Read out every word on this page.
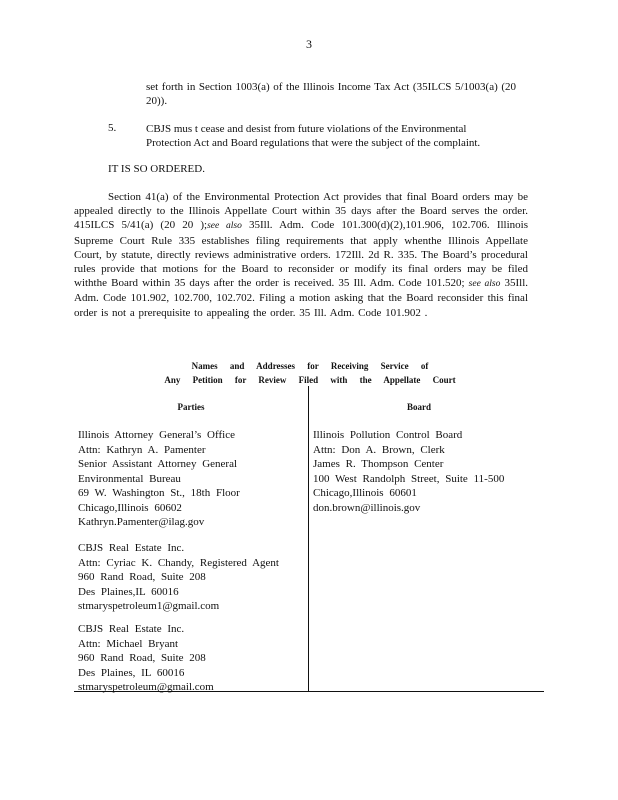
3
set forth in Section 1003(a) of the Illinois Income Tax Act (35ILCS 5/1003(a) (20 20)).
5.	CBJS mus t cease and desist from future violations of the Environmental Protection Act and Board regulations that were the subject of the complaint.
IT IS SO ORDERED.
Section 41(a) of the Environmental Protection Act provides that final Board orders may be appealed directly to the Illinois Appellate Court within 35 days after the Board serves the order. 415ILCS 5/41(a) (20 20 );see also 35Ill. Adm. Code 101.300(d)(2),101.906, 102.706. Illinois Supreme Court Rule 335 establishes filing requirements that apply whenthe Illinois Appellate Court, by statute, directly reviews administrative orders. 172Ill. 2d R. 335. The Board’s procedural rules provide that motions for the Board to reconsider or modify its final orders may be filed withthe Board within 35 days after the order is received. 35 Ill. Adm. Code 101.520; see also 35Ill. Adm. Code 101.902, 102.700, 102.702. Filing a motion asking that the Board reconsider this final order is not a prerequisite to appealing the order. 35 Ill. Adm. Code 101.902 .
Names and Addresses for Receiving Service of
Any Petition for Review Filed with the Appellate Court
Parties	Board
Illinois Attorney General’s Office
Attn: Kathryn A. Pamenter
Senior Assistant Attorney General
Environmental Bureau
69 W. Washington St., 18th Floor
Chicago,Illinois 60602
Kathryn.Pamenter@ilag.gov
CBJS Real Estate Inc.
Attn: Cyriac K. Chandy, Registered Agent
960 Rand Road, Suite 208
Des Plaines,IL 60016
stmaryspetroleum1@gmail.com
CBJS Real Estate Inc.
Attn: Michael Bryant
960 Rand Road, Suite 208
Des Plaines, IL 60016
stmaryspetroleum@gmail.com
Illinois Pollution Control Board
Attn: Don A. Brown, Clerk
James R. Thompson Center
100 West Randolph Street, Suite 11-500
Chicago,Illinois 60601
don.brown@illinois.gov
